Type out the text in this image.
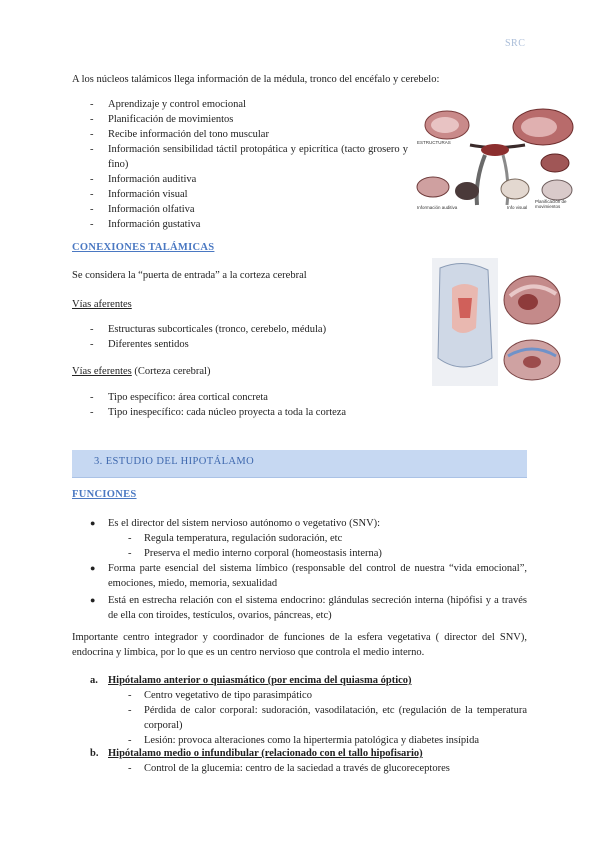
SRC
A los núcleos talámicos llega información de la médula, tronco del encéfalo y cerebelo:
- Aprendizaje y control emocional
- Planificación de movimientos
- Recibe información del tono muscular
- Información sensibilidad táctil protopática y epicrítica (tacto grosero y fino)
- Información auditiva
- Información visual
- Información olfativa
- Información gustativa
ESTRUCTURAS
Información auditiva	Info visual
Planificación de movimientos
CONEXIONES TALÁMICAS
Se considera la “puerta de entrada” a la corteza cerebral
Vías aferentes
- Estructuras subcorticales (tronco, cerebelo, médula)
- Diferentes sentidos
Vías eferentes (Corteza cerebral)
- Tipo específico: área cortical concreta
- Tipo inespecífico: cada núcleo proyecta a toda la corteza
3. ESTUDIO DEL HIPOTÁLAMO
FUNCIONES
● Es el director del sistem nervioso autónomo o vegetativo (SNV):
- Regula temperatura, regulación sudoración, etc
- Preserva el medio interno corporal (homeostasis interna)
● Forma parte esencial del sistema límbico (responsable del control de nuestra “vida emocional”, emociones, miedo, memoria, sexualidad
● Está en estrecha relación con el sistema endocrino: glándulas secreción interna (hipófisi y a través de ella con tiroides, testículos, ovarios, páncreas, etc)
Importante centro integrador y coordinador de funciones de la esfera vegetativa ( director del SNV), endocrina y límbica, por lo que es un centro nervioso que controla el medio interno.
a. Hipótalamo anterior o quiasmático (por encima del quiasma óptico)
- Centro vegetativo de tipo parasimpático
- Pérdida de calor corporal: sudoración, vasodilatación, etc (regulación de la temperatura corporal)
- Lesión: provoca alteraciones como la hipertermia patológica y diabetes insípida
b. Hipótalamo medio o infundibular (relacionado con el tallo hipofisario)
- Control de la glucemia: centro de la saciedad a través de glucoreceptores
